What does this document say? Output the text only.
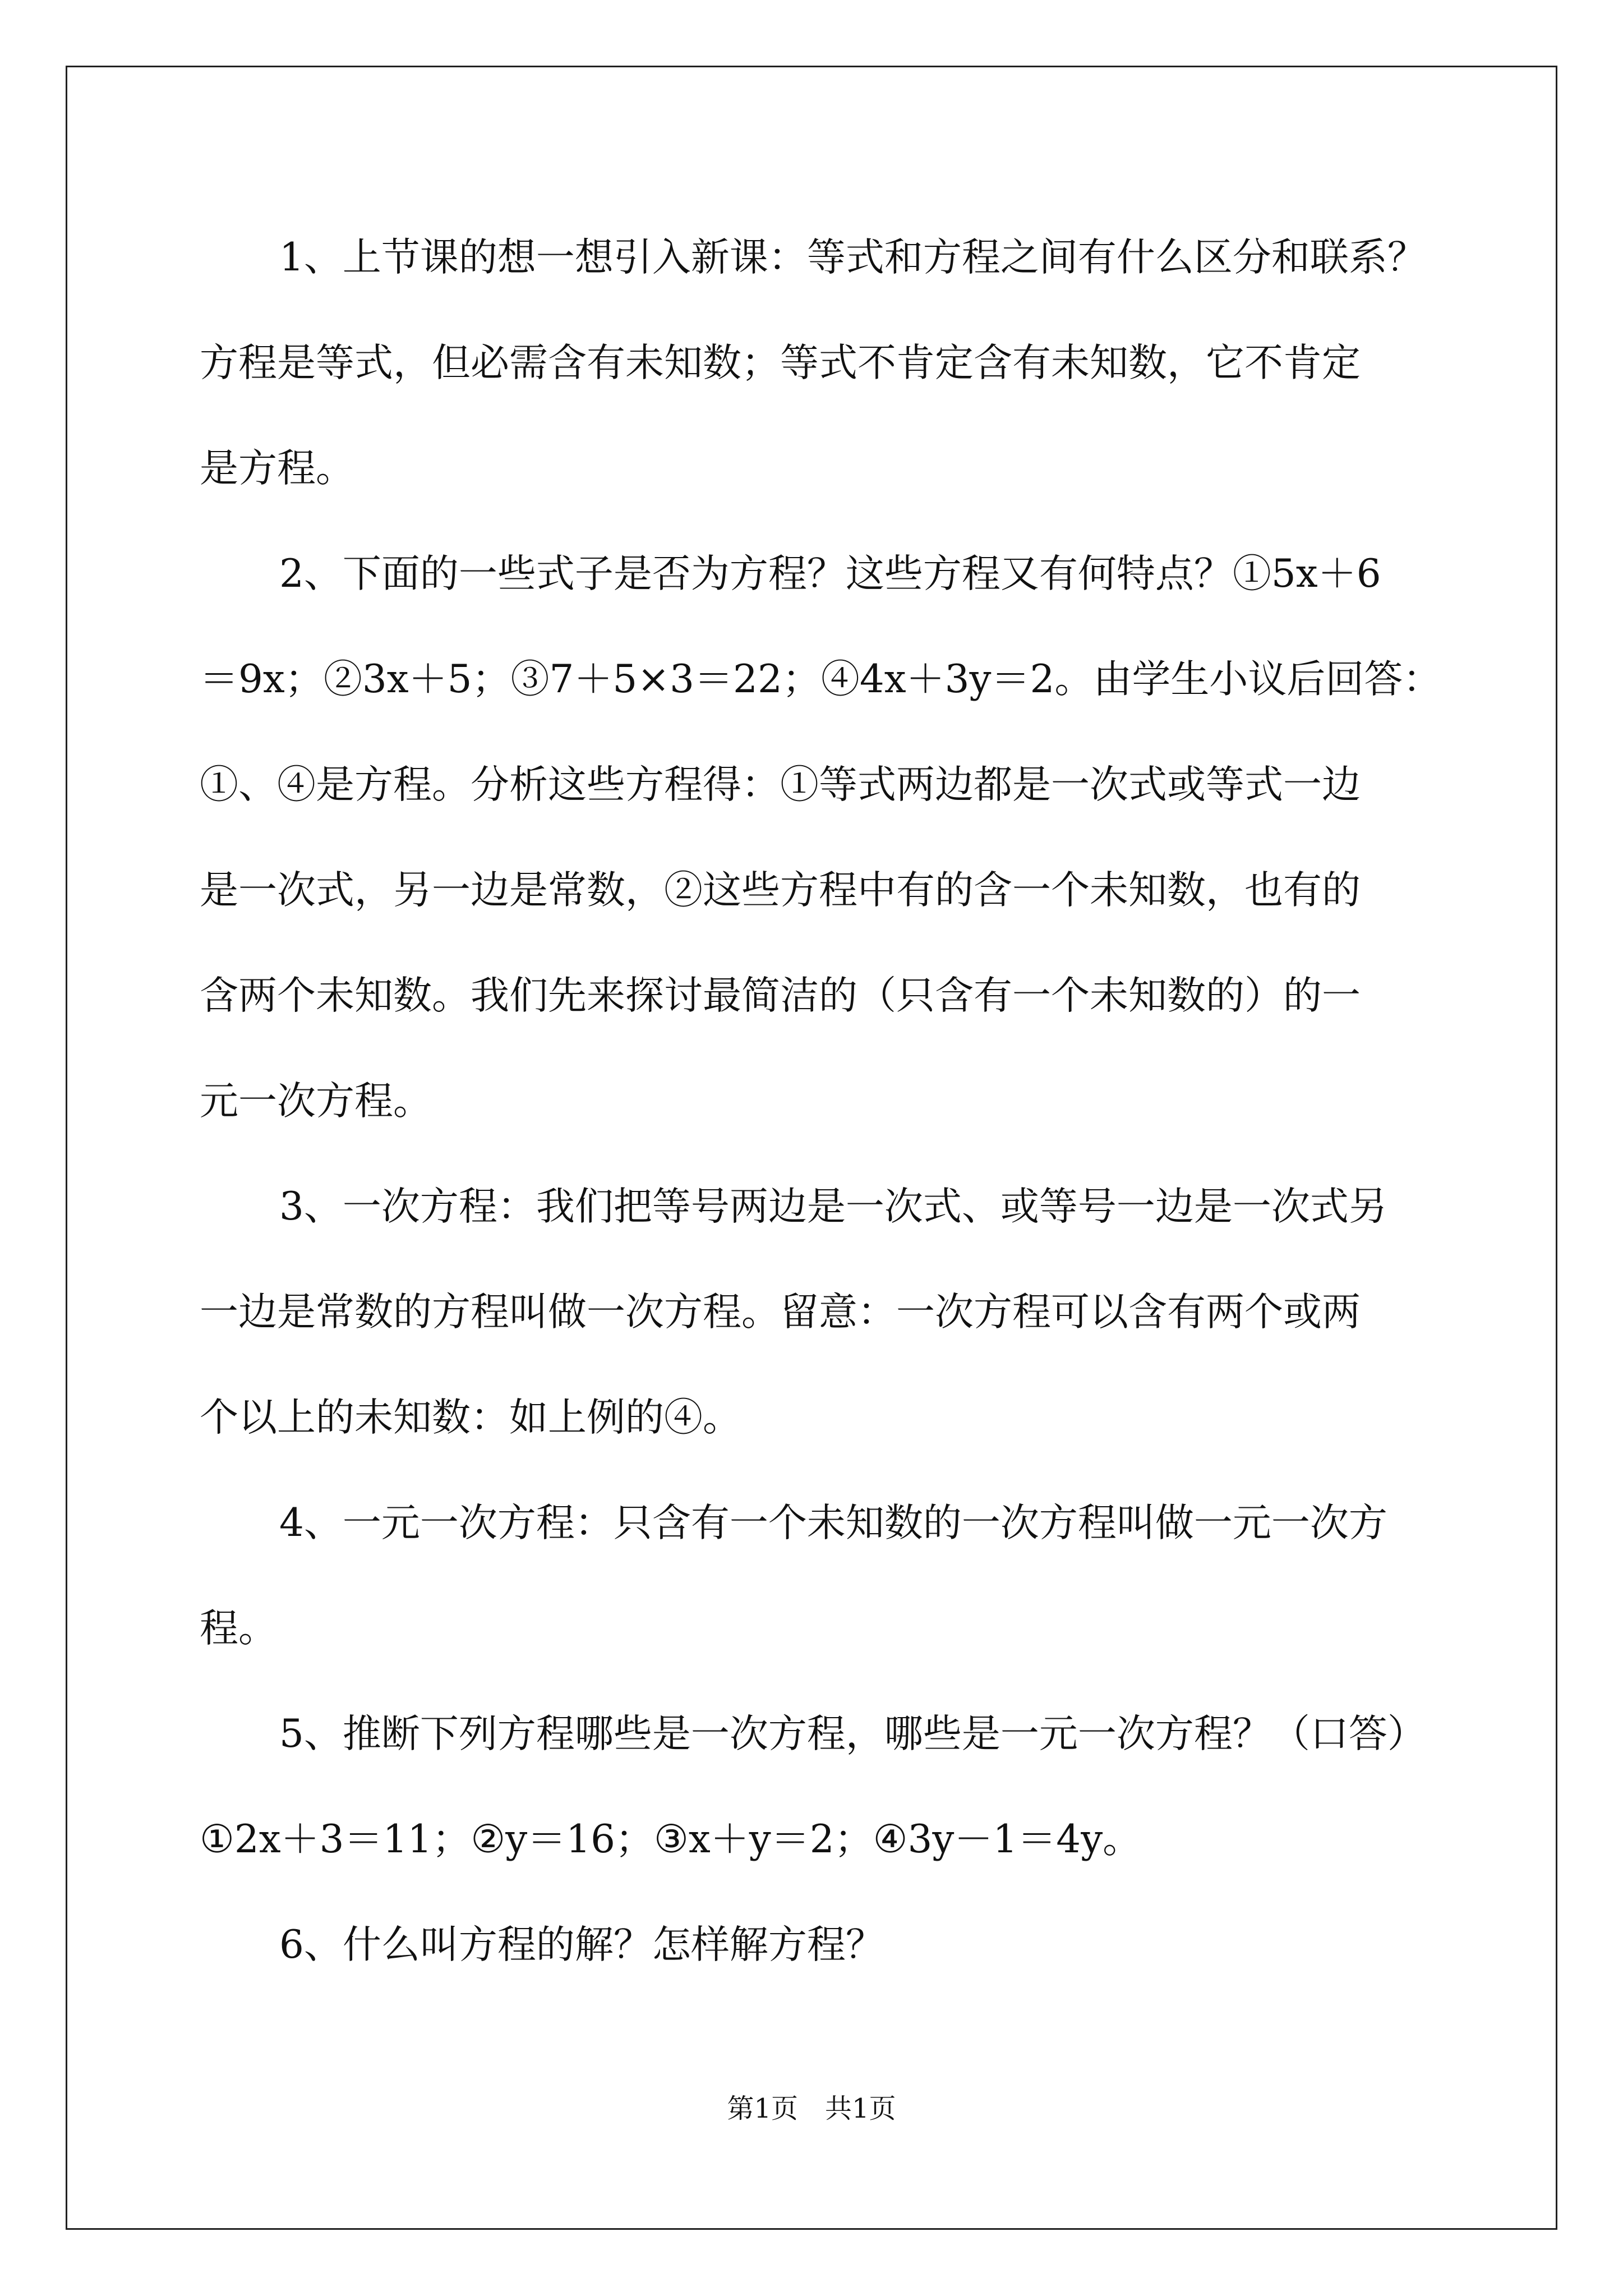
1、上节课的想一想引入新课：等式和方程之间有什么区分和联系？
方程是等式，但必需含有未知数；等式不肯定含有未知数，它不肯定
是方程。
2、下面的一些式子是否为方程？这些方程又有何特点？①5x＋6
＝9x；②3x＋5；③7＋5×3＝22；④4x＋3y＝2。由学生小议后回答：
①、④是方程。分析这些方程得：①等式两边都是一次式或等式一边
是一次式，另一边是常数，②这些方程中有的含一个未知数，也有的
含两个未知数。我们先来探讨最简洁的（只含有一个未知数的）的一
元一次方程。
3、一次方程：我们把等号两边是一次式、或等号一边是一次式另
一边是常数的方程叫做一次方程。留意：一次方程可以含有两个或两
个以上的未知数：如上例的④。
4、一元一次方程：只含有一个未知数的一次方程叫做一元一次方
程。
5、推断下列方程哪些是一次方程，哪些是一元一次方程？（口答）
①2x＋3＝11；②y＝16；③x＋y＝2；④3y－1＝4y。
6、什么叫方程的解？怎样解方程？
第1页　共1页
